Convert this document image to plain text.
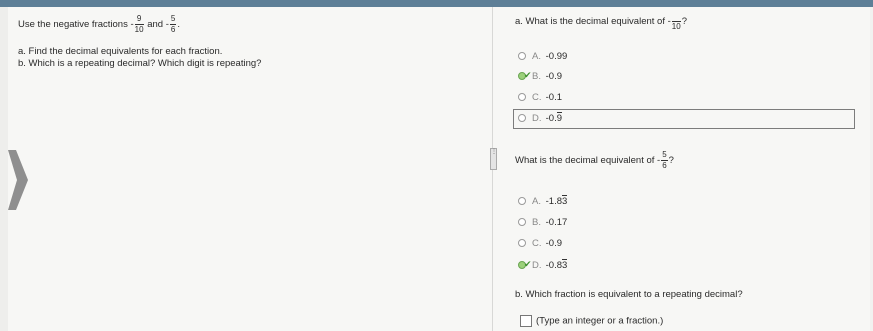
⋮
Use the negative fractions - $\frac{9}{10}$ and - $\frac{5}{6}$ .
a. Find the decimal equivalents for each fraction.
b. Which is a repeating decimal? Which digit is repeating?
a. What is the decimal equivalent of -
10 ?
A. -0.99
✔ B. -0.9
C. -0.1
D. -0.9
What is the decimal equivalent of - $\frac{5}{6}$ ?
A. -1.83
B. -0.17
C. -0.9
✔ D. -0.83
b. Which fraction is equivalent to a repeating decimal?
(Type an integer or a fraction.)
